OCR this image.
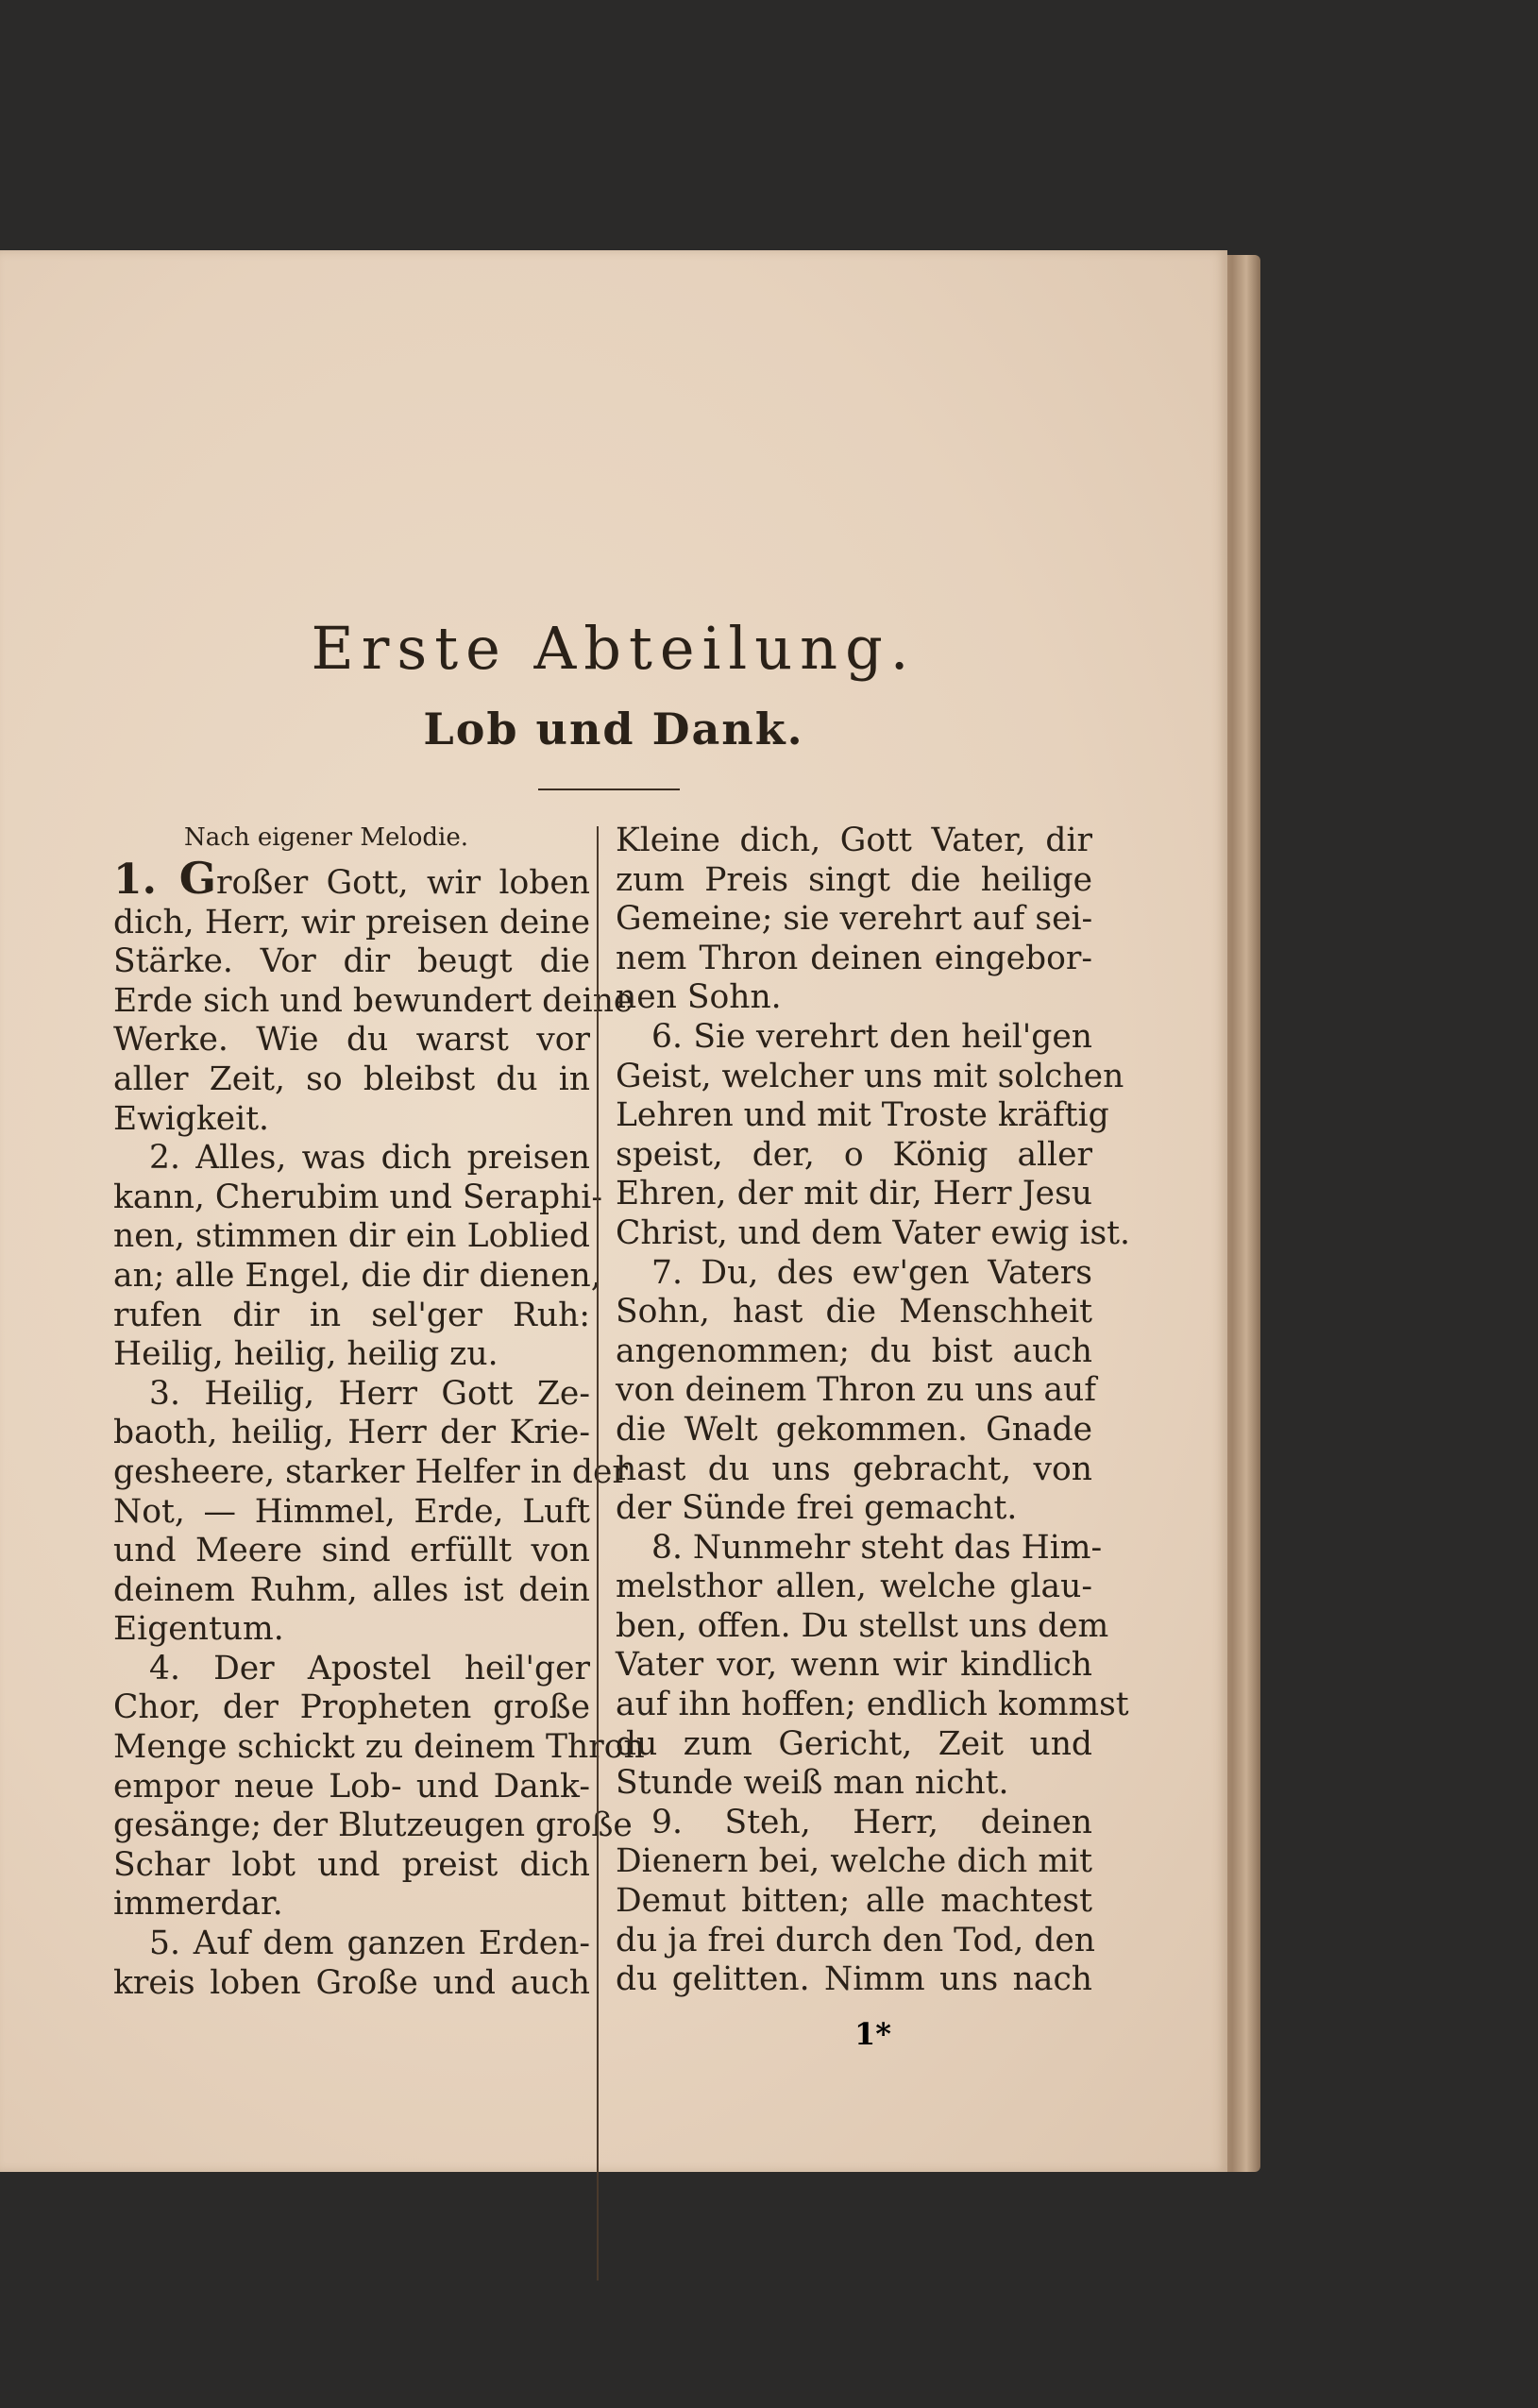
Erste Abteilung.
Lob und Dank.
Nach eigener Melodie.
1. Großer Gott, wir loben
dich, Herr, wir preisen deine
Stärke. Vor dir beugt die
Erde sich und bewundert deine
Werke. Wie du warst vor
aller Zeit, so bleibst du in
Ewigkeit.
2. Alles, was dich preisen
kann, Cherubim und Seraphi-
nen, stimmen dir ein Loblied
an; alle Engel, die dir dienen,
rufen dir in sel'ger Ruh:
Heilig, heilig, heilig zu.
3. Heilig, Herr Gott Ze-
baoth, heilig, Herr der Krie-
gesheere, starker Helfer in der
Not, — Himmel, Erde, Luft
und Meere sind erfüllt von
deinem Ruhm, alles ist dein
Eigentum.
4. Der Apostel heil'ger
Chor, der Propheten große
Menge schickt zu deinem Thron
empor neue Lob- und Dank-
gesänge; der Blutzeugen große
Schar lobt und preist dich
immerdar.
5. Auf dem ganzen Erden-
kreis loben Große und auch
Kleine dich, Gott Vater, dir
zum Preis singt die heilige
Gemeine; sie verehrt auf sei-
nem Thron deinen eingebor-
nen Sohn.
6. Sie verehrt den heil'gen
Geist, welcher uns mit solchen
Lehren und mit Troste kräftig
speist, der, o König aller
Ehren, der mit dir, Herr Jesu
Christ, und dem Vater ewig ist.
7. Du, des ew'gen Vaters
Sohn, hast die Menschheit
angenommen; du bist auch
von deinem Thron zu uns auf
die Welt gekommen. Gnade
hast du uns gebracht, von
der Sünde frei gemacht.
8. Nunmehr steht das Him-
melsthor allen, welche glau-
ben, offen. Du stellst uns dem
Vater vor, wenn wir kindlich
auf ihn hoffen; endlich kommst
du zum Gericht, Zeit und
Stunde weiß man nicht.
9. Steh, Herr, deinen
Dienern bei, welche dich mit
Demut bitten; alle machtest
du ja frei durch den Tod, den
du gelitten. Nimm uns nach
1*
